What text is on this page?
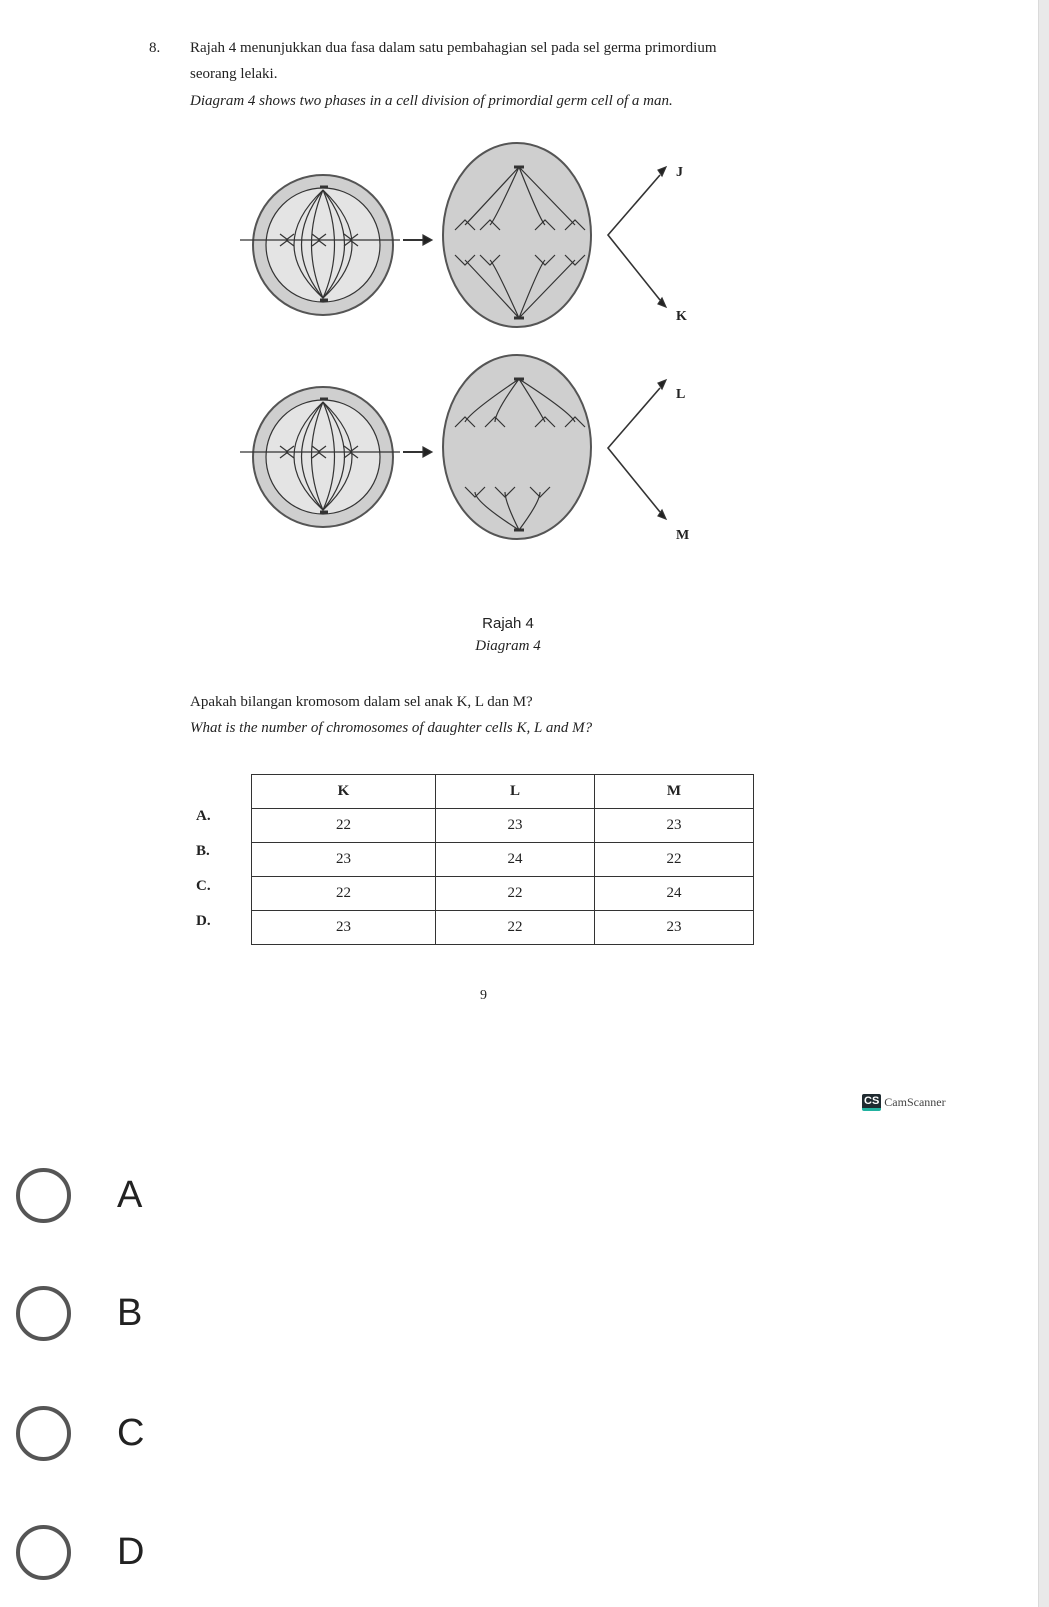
8. Rajah 4 menunjukkan dua fasa dalam satu pembahagian sel pada sel germa primordium
seorang lelaki.
Diagram 4 shows two phases in a cell division of primordial germ cell of a man.
J
K
L
M
Rajah 4
Diagram 4
Apakah bilangan kromosom dalam sel anak K, L dan M?
What is the number of chromosomes of daughter cells K, L and M?
A.
B.
C.
D.
K	L	M
22	23	23
23	24	22
22	22	24
23	22	23
9
CS CamScanner
A
B
C
D
